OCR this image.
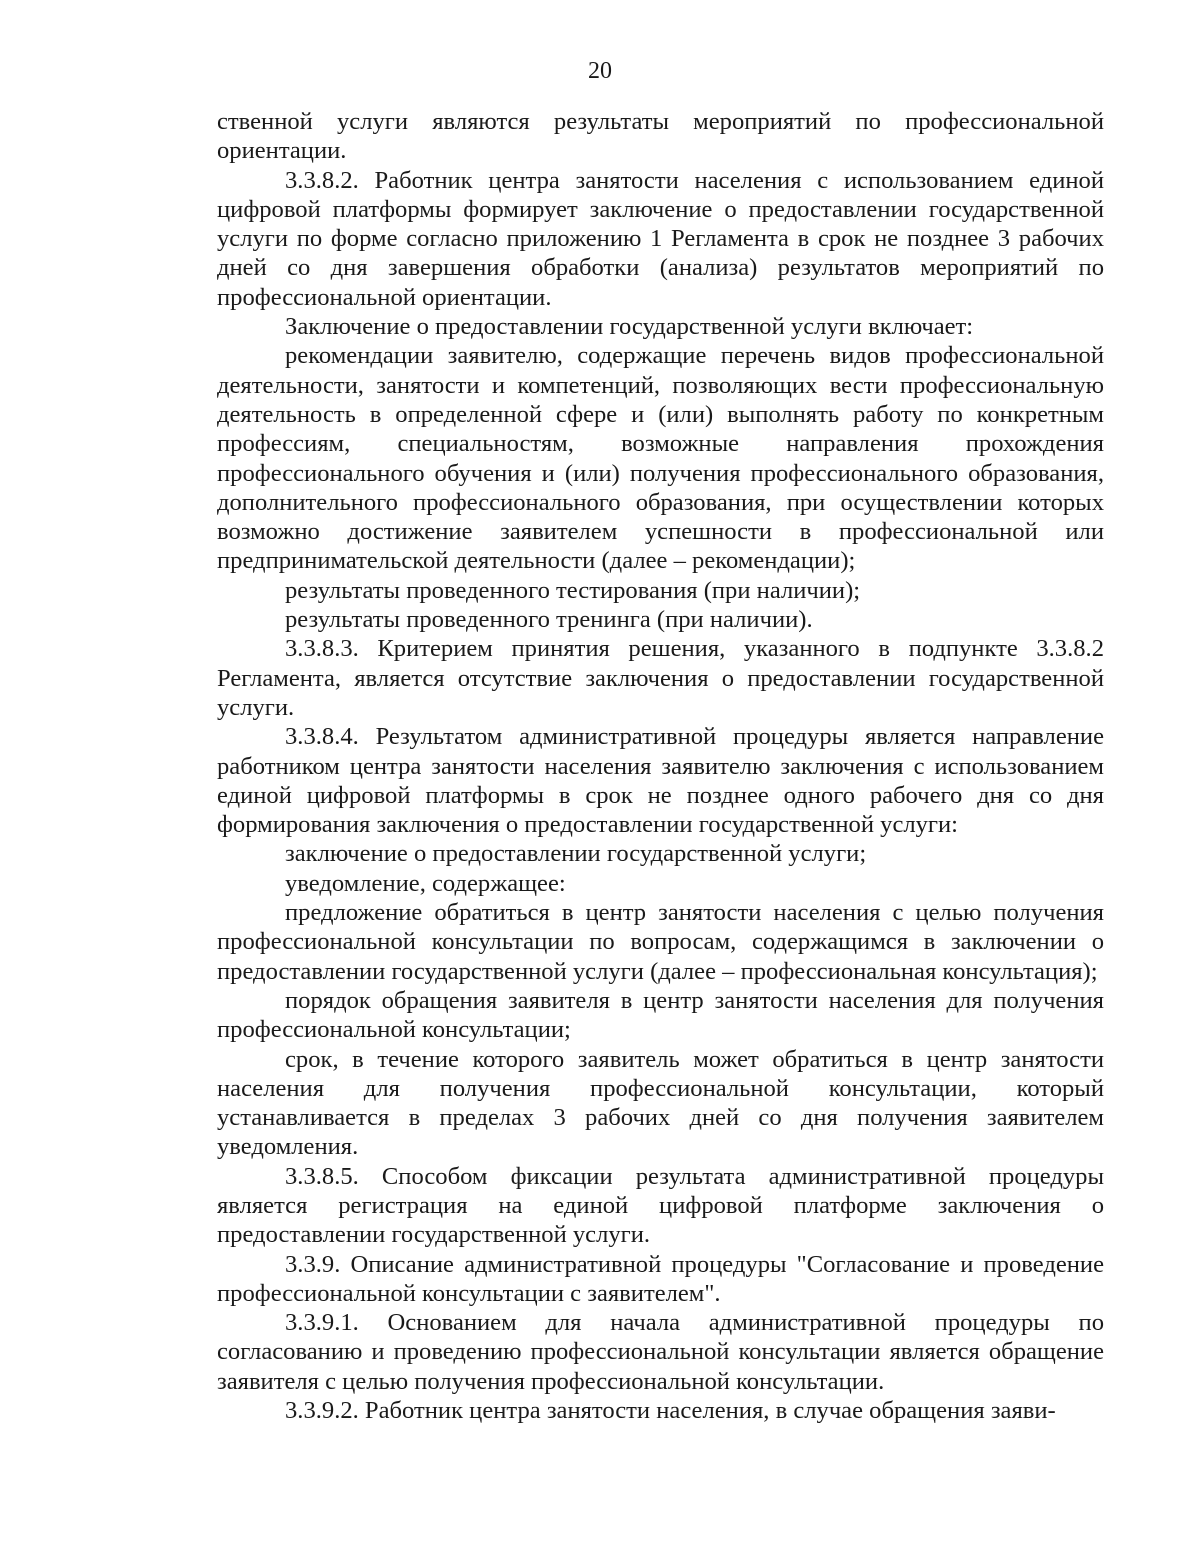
20

ственной услуги являются результаты мероприятий по профессиональной ориентации.

3.3.8.2. Работник центра занятости населения с использованием единой цифровой платформы формирует заключение о предоставлении государственной услуги по форме согласно приложению 1 Регламента в срок не позднее 3 рабочих дней со дня завершения обработки (анализа) результатов мероприятий по профессиональной ориентации.

Заключение о предоставлении государственной услуги включает:

рекомендации заявителю, содержащие перечень видов профессиональной деятельности, занятости и компетенций, позволяющих вести профессиональную деятельность в определенной сфере и (или) выполнять работу по конкретным профессиям, специальностям, возможные направления прохождения профессионального обучения и (или) получения профессионального образования, дополнительного профессионального образования, при осуществлении которых возможно достижение заявителем успешности в профессиональной или предпринимательской деятельности (далее – рекомендации);

результаты проведенного тестирования (при наличии);

результаты проведенного тренинга (при наличии).

3.3.8.3. Критерием принятия решения, указанного в подпункте 3.3.8.2 Регламента, является отсутствие заключения о предоставлении государственной услуги.

3.3.8.4. Результатом административной процедуры является направление работником центра занятости населения заявителю заключения с использованием единой цифровой платформы в срок не позднее одного рабочего дня со дня формирования заключения о предоставлении государственной услуги:

заключение о предоставлении государственной услуги;

уведомление, содержащее:

предложение обратиться в центр занятости населения с целью получения профессиональной консультации по вопросам, содержащимся в заключении о предоставлении государственной услуги (далее – профессиональная консультация);

порядок обращения заявителя в центр занятости населения для получения профессиональной консультации;

срок, в течение которого заявитель может обратиться в центр занятости населения для получения профессиональной консультации, который устанавливается в пределах 3 рабочих дней со дня получения заявителем уведомления.

3.3.8.5. Способом фиксации результата административной процедуры является регистрация на единой цифровой платформе заключения о предоставлении государственной услуги.

3.3.9. Описание административной процедуры "Согласование и проведение профессиональной консультации с заявителем".

3.3.9.1. Основанием для начала административной процедуры по согласованию и проведению профессиональной консультации является обращение заявителя с целью получения профессиональной консультации.

3.3.9.2. Работник центра занятости населения, в случае обращения заяви-
